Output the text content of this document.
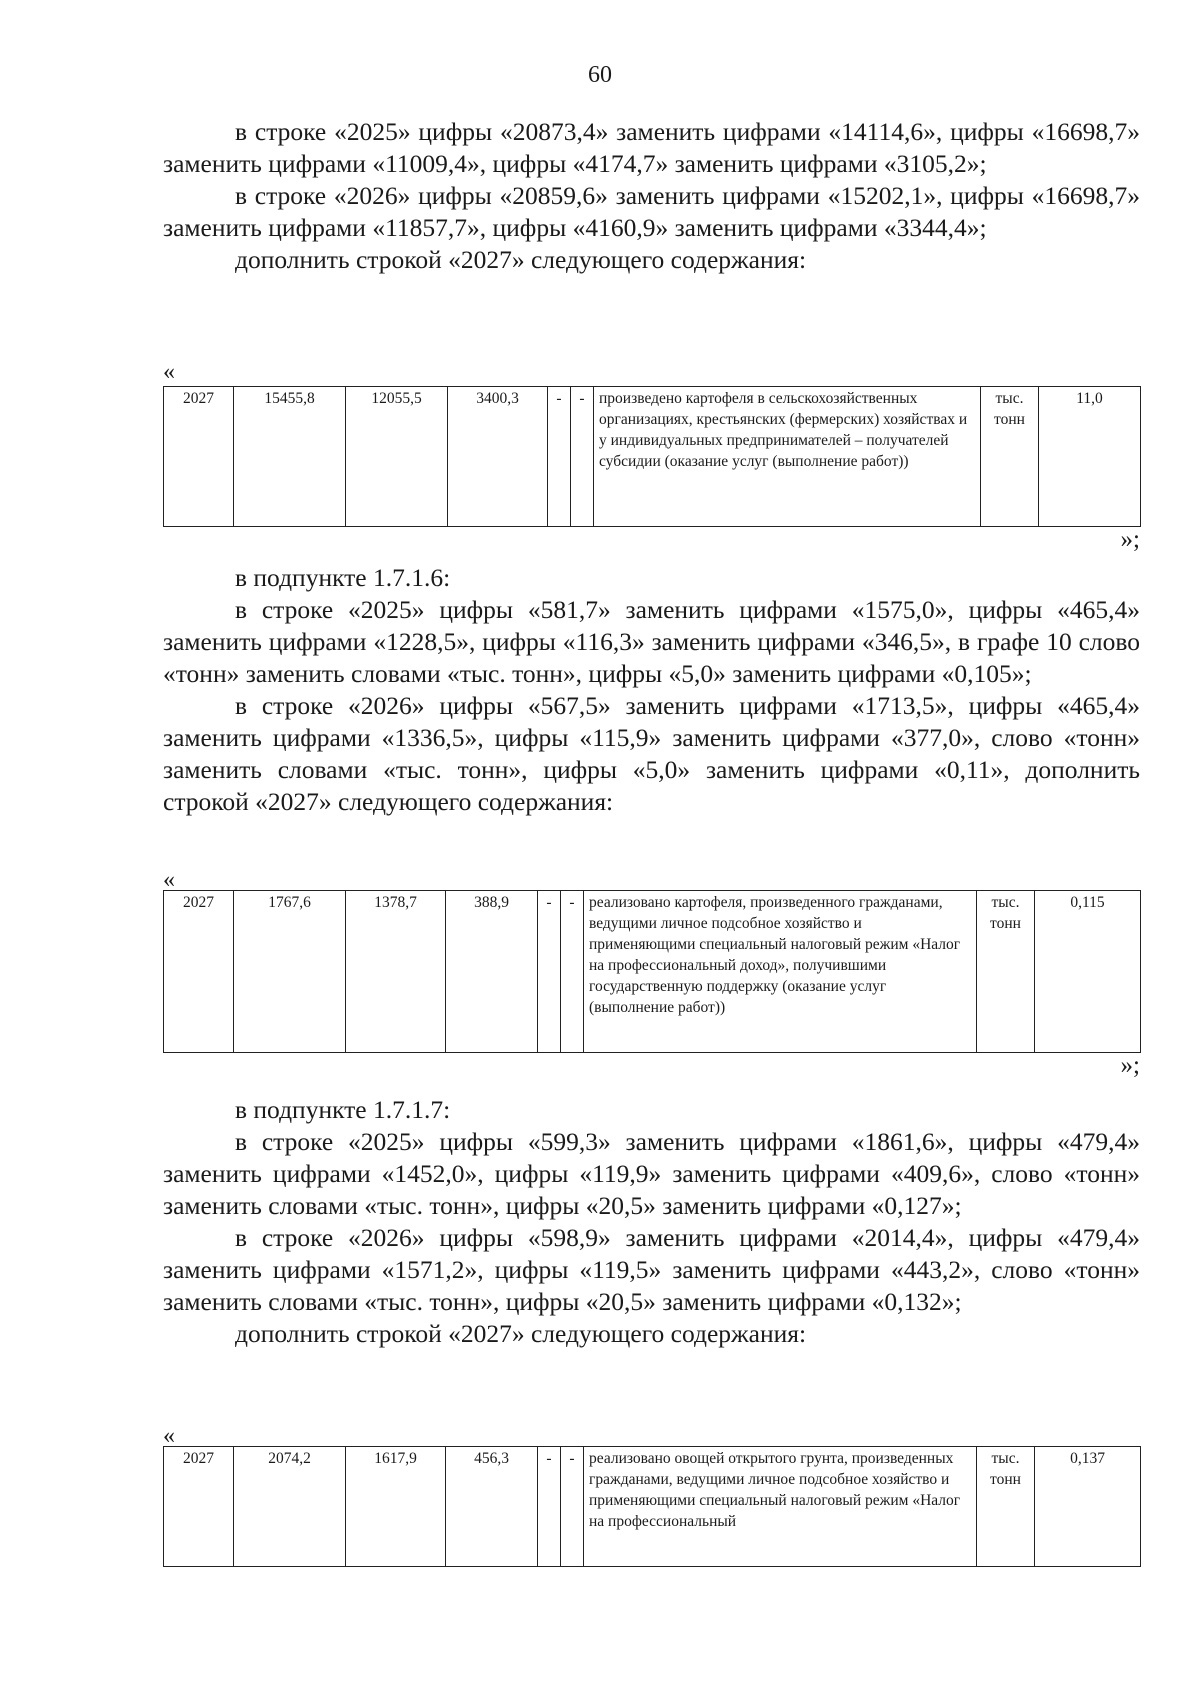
60

в строке «2025» цифры «20873,4» заменить цифрами «14114,6», цифры «16698,7» заменить цифрами «11009,4», цифры «4174,7» заменить цифрами «3105,2»;

в строке «2026» цифры «20859,6» заменить цифрами «15202,1», цифры «16698,7» заменить цифрами «11857,7», цифры «4160,9» заменить цифрами «3344,4»;

дополнить строкой «2027» следующего содержания:

«

2027	15455,8	12055,5	3400,3	-	-	произведено картофеля в сельскохозяйственных организациях, крестьянских (фермерских) хозяйствах и у индивидуальных предпринимателей – получателей субсидии (оказание услуг (выполнение работ))	тыс. тонн	11,0

»;

в подпункте 1.7.1.6:

в строке «2025» цифры «581,7» заменить цифрами «1575,0», цифры «465,4» заменить цифрами «1228,5», цифры «116,3» заменить цифрами «346,5», в графе 10 слово «тонн» заменить словами «тыс. тонн», цифры «5,0» заменить цифрами «0,105»;

в строке «2026» цифры «567,5» заменить цифрами «1713,5», цифры «465,4» заменить цифрами «1336,5», цифры «115,9» заменить цифрами «377,0», слово «тонн» заменить словами «тыс. тонн», цифры «5,0» заменить цифрами «0,11», дополнить строкой «2027» следующего содержания:

«

2027	1767,6	1378,7	388,9	-	-	реализовано картофеля, произведенного гражданами, ведущими личное подсобное хозяйство и применяющими специальный налоговый режим «Налог на профессиональный доход», получившими государственную поддержку (оказание услуг (выполнение работ))	тыс. тонн	0,115

»;

в подпункте 1.7.1.7:

в строке «2025» цифры «599,3» заменить цифрами «1861,6», цифры «479,4» заменить цифрами «1452,0», цифры «119,9» заменить цифрами «409,6», слово «тонн» заменить словами «тыс. тонн», цифры «20,5» заменить цифрами «0,127»;

в строке «2026» цифры «598,9» заменить цифрами «2014,4», цифры «479,4» заменить цифрами «1571,2», цифры «119,5» заменить цифрами «443,2», слово «тонн» заменить словами «тыс. тонн», цифры «20,5» заменить цифрами «0,132»;

дополнить строкой «2027» следующего содержания:

«

2027	2074,2	1617,9	456,3	-	-	реализовано овощей открытого грунта, произведенных гражданами, ведущими личное подсобное хозяйство и применяющими специальный налоговый режим «Налог на профессиональный	тыс. тонн	0,137
